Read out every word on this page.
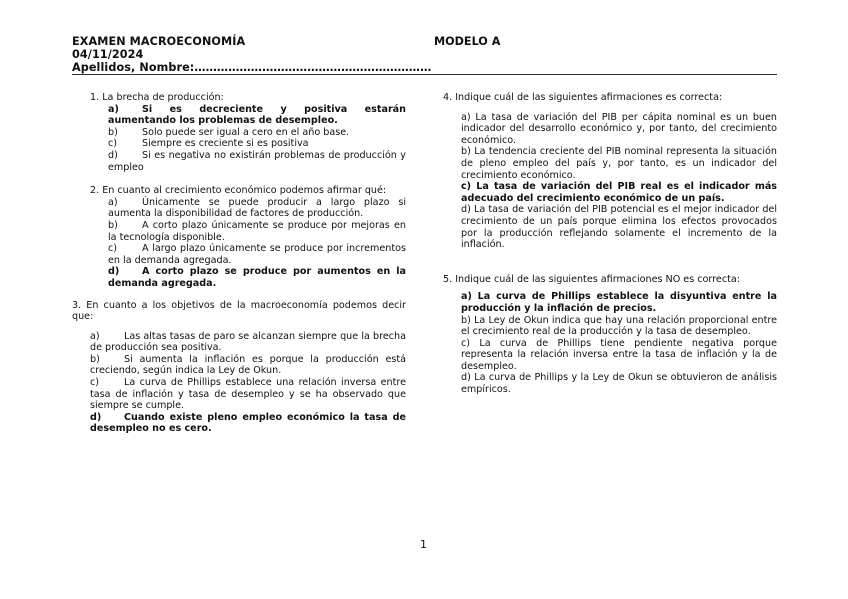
EXAMEN MACROECONOMÍA
04/11/2024
Apellidos, Nombre:………………………………………………………
MODELO A
1. La brecha de producción:
a) Si es decreciente y positiva estarán aumentando los problemas de desempleo.
b)	Solo puede ser igual a cero en el año base.
c)	Siempre es creciente si es positiva
d)	Si es negativa no existirán problemas de producción y empleo
2. En cuanto al crecimiento económico podemos afirmar qué:
a)	Únicamente se puede producir a largo plazo si aumenta la disponibilidad de factores de producción.
b)	A corto plazo únicamente se produce por mejoras en la tecnología disponible.
c)	A largo plazo únicamente se produce por incrementos en la demanda agregada.
d) A corto plazo se produce por aumentos en la demanda agregada.
3. En cuanto a los objetivos de la macroeconomía podemos decir que:
a)	Las altas tasas de paro se alcanzan siempre que la brecha de producción sea positiva.
b)	Si aumenta la inflación es porque la producción está creciendo, según indica la Ley de Okun.
c)	La curva de Phillips establece una relación inversa entre tasa de inflación y tasa de desempleo y se ha observado que siempre se cumple.
d) Cuando existe pleno empleo económico la tasa de desempleo no es cero.
4. Indique cuál de las siguientes afirmaciones es correcta:
a) La tasa de variación del PIB per cápita nominal es un buen indicador del desarrollo económico y, por tanto, del crecimiento económico.
b) La tendencia creciente del PIB nominal representa la situación de pleno empleo del país y, por tanto, es un indicador del crecimiento económico.
c) La tasa de variación del PIB real es el indicador más adecuado del crecimiento económico de un país.
d) La tasa de variación del PIB potencial es el mejor indicador del crecimiento de un país porque elimina los efectos provocados por la producción reflejando solamente el incremento de la inflación.
5. Indique cuál de las siguientes afirmaciones NO es correcta:
a) La curva de Phillips establece la disyuntiva entre la producción y la inflación de precios.
b) La Ley de Okun indica que hay una relación proporcional entre el crecimiento real de la producción y la tasa de desempleo.
c) La curva de Phillips tiene pendiente negativa porque representa la relación inversa entre la tasa de inflación y la de desempleo.
d) La curva de Phillips y la Ley de Okun se obtuvieron de análisis empíricos.
1
